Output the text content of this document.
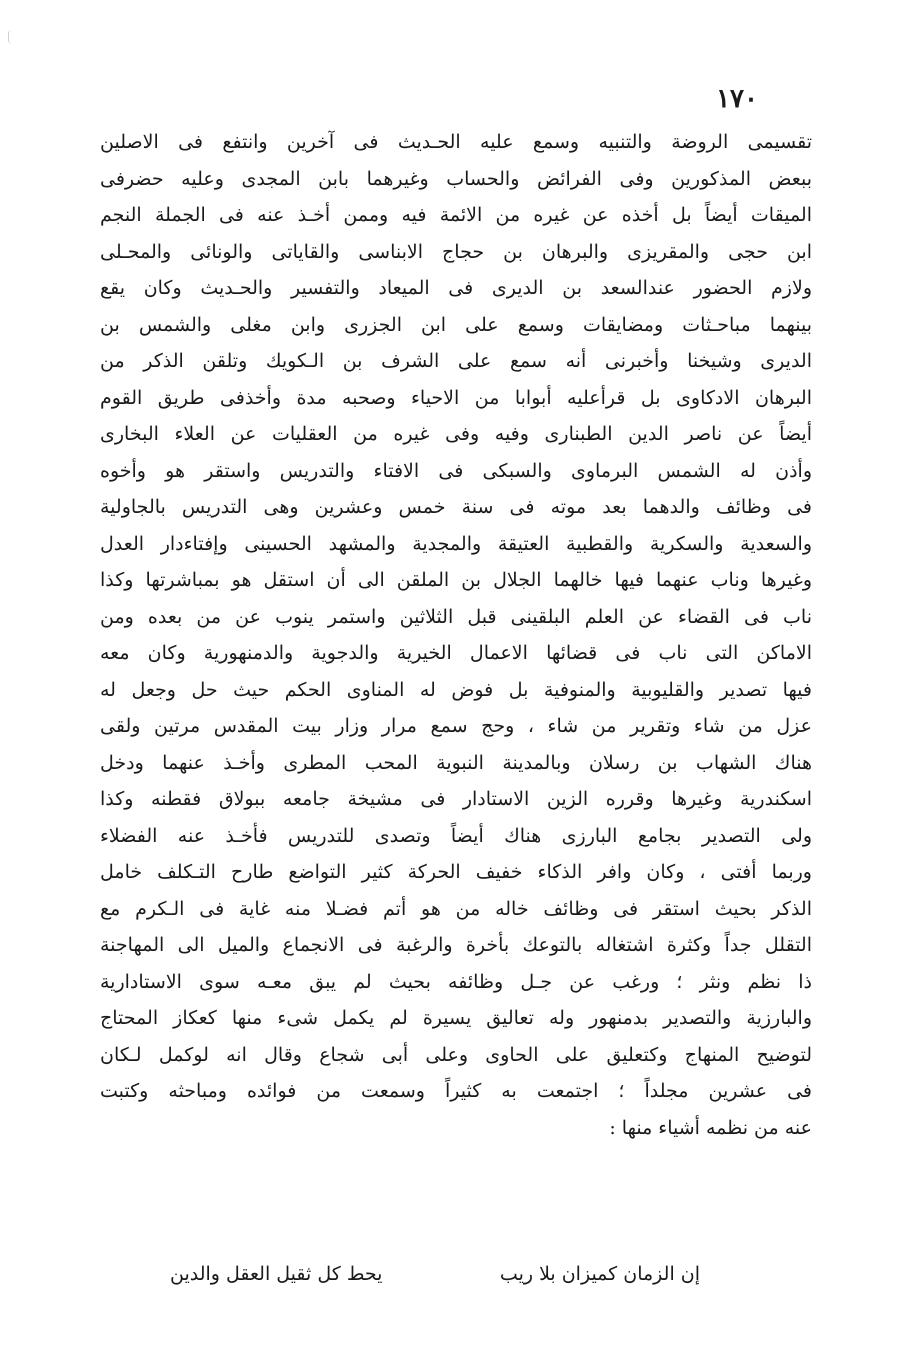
١٧٠
تقسيمى الروضة والتنبيه وسمع عليه الحـديث فى آخرين وانتفع فى الاصلين
ببعض المذكورين وفى الفرائض والحساب وغيرهما بابن المجدى وعليه حضرفى
الميقات أيضاً بل أخذه عن غيره من الائمة فيه وممن أخـذ عنه فى الجملة النجم
ابن حجى والمقريزى والبرهان بن حجاج الابناسى والقاياتى والونائى والمحـلى
ولازم الحضور عندالسعد بن الديرى فى الميعاد والتفسير والحـديث وكان يقع
بينهما مباحـثات ومضايقات وسمع على ابن الجزرى وابن مغلى والشمس بن
الديرى وشيخنا وأخبرنى أنه سمع على الشرف بن الـكويك وتلقن الذكر من
البرهان الادكاوى بل قرأعليه أبوابا من الاحياء وصحبه مدة وأخذفى طريق القوم
أيضاً عن ناصر الدين الطبنارى وفيه وفى غيره من العقليات عن العلاء البخارى
وأذن له الشمس البرماوى والسبكى فى الافتاء والتدريس واستقر هو وأخوه
فى وظائف والدهما بعد موته فى سنة خمس وعشرين وهى التدريس بالجاولية
والسعدية والسكرية والقطبية العتيقة والمجدية والمشهد الحسينى وإفتاءدار العدل
وغيرها وناب عنهما فيها خالهما الجلال بن الملقن الى أن استقل هو بمباشرتها وكذا
ناب فى القضاء عن العلم البلقينى قبل الثلاثين واستمر ينوب عن من بعده ومن
الاماكن التى ناب فى قضائها الاعمال الخيرية والدجوية والدمنهورية وكان معه
فيها تصدير والقليوبية والمنوفية بل فوض له المناوى الحكم حيث حل وجعل له
عزل من شاء وتقرير من شاء ، وحج سمع مرار وزار بيت المقدس مرتين ولقى
هناك الشهاب بن رسلان وبالمدينة النبوية المحب المطرى وأخـذ عنهما ودخل
اسكندرية وغيرها وقرره الزين الاستادار فى مشيخة جامعه ببولاق فقطنه وكذا
ولى التصدير بجامع البارزى هناك أيضاً وتصدى للتدريس فأخـذ عنه الفضلاء
وربما أفتى ، وكان وافر الذكاء خفيف الحركة كثير التواضع طارح التـكلف خامل
الذكر بحيث استقر فى وظائف خاله من هو أتم فضـلا منه غاية فى الـكرم مع
التقلل جداً وكثرة اشتغاله بالتوعك بأخرة والرغبة فى الانجماع والميل الى المهاجنة
ذا نظم ونثر ؛ ورغب عن جـل وظائفه بحيث لم يبق معـه سوى الاستادارية
والبارزية والتصدير بدمنهور وله تعاليق يسيرة لم يكمل شىء منها كعكاز المحتاج
لتوضيح المنهاج وكتعليق على الحاوى وعلى أبى شجاع وقال انه لوكمل لـكان
فى عشرين مجلداً ؛ اجتمعت به كثيراً وسمعت من فوائده ومباحثه وكتبت
عنه من نظمه أشياء منها :
إن الزمان كميزان بلا ريب
يحط كل ثقيل العقل والدين
